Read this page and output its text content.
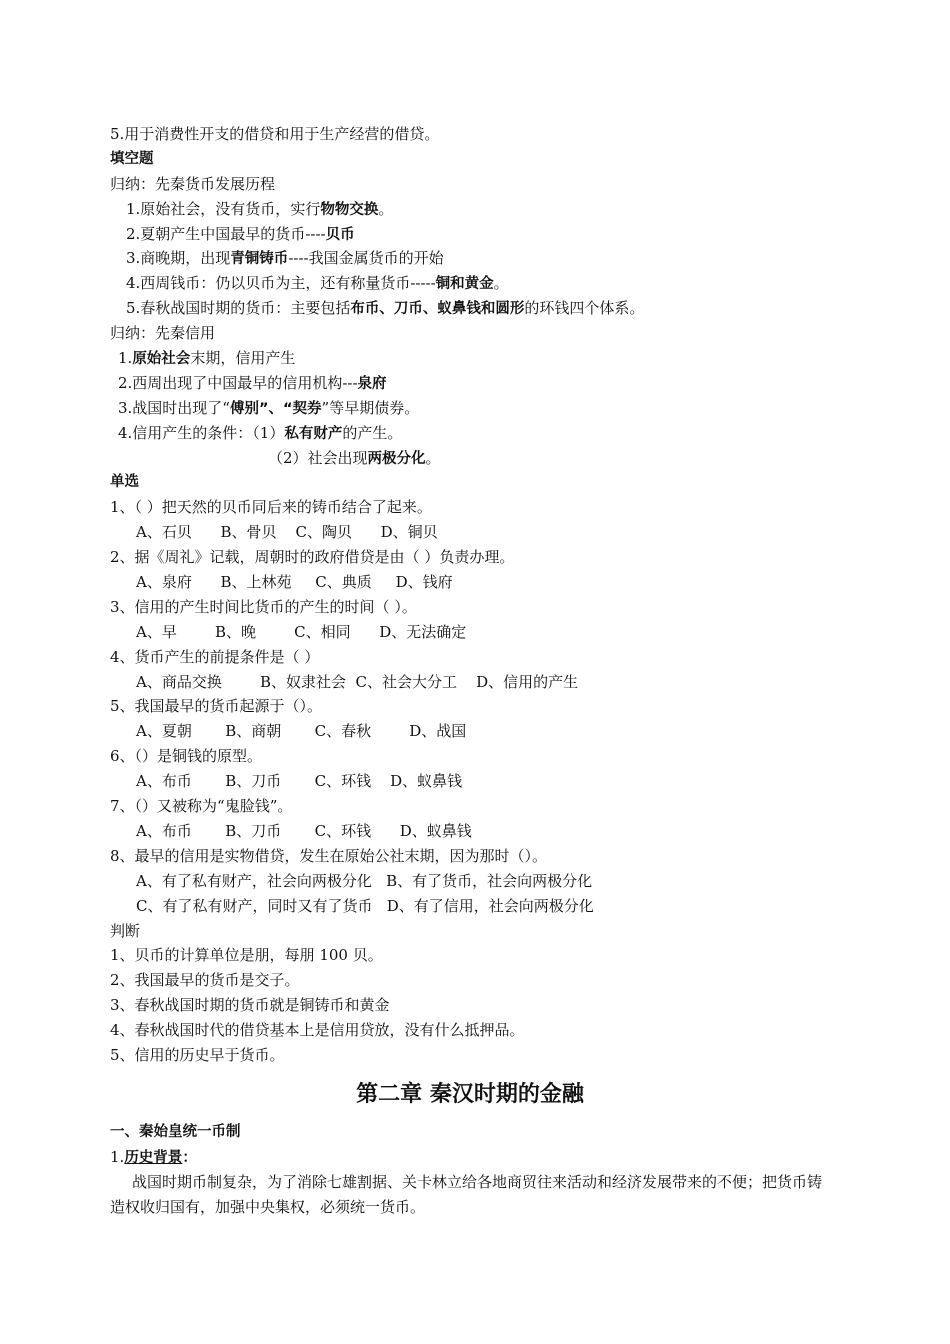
5.用于消费性开支的借贷和用于生产经营的借贷。
填空题
归纳：先秦货币发展历程
1.原始社会，没有货币，实行物物交换。
2.夏朝产生中国最早的货币----贝币
3.商晚期，出现青铜铸币----我国金属货币的开始
4.西周钱币：仍以贝币为主，还有称量货币-----铜和黄金。
5.春秋战国时期的货币：主要包括布币、刀币、蚁鼻钱和圆形的环钱四个体系。
归纳：先秦信用
1.原始社会末期，信用产生
2.西周出现了中国最早的信用机构---泉府
3.战国时出现了“傅别”、“契券”等早期债券。
4.信用产生的条件：（1）私有财产的产生。
（2）社会出现两极分化。
单选
1、（ ）把天然的贝币同后来的铸币结合了起来。
A、石贝      B、骨贝    C、陶贝      D、铜贝
2、据《周礼》记载，周朝时的政府借贷是由（ ）负责办理。
A、泉府      B、上林苑     C、典质     D、钱府
3、信用的产生时间比货币的产生的时间（ ）。
A、早        B、晚        C、相同      D、无法确定
4、货币产生的前提条件是（ ）
A、商品交换        B、奴隶社会  C、社会大分工    D、信用的产生
5、我国最早的货币起源于（）。
A、夏朝       B、商朝       C、春秋        D、战国
6、（）是铜钱的原型。
A、布币       B、刀币       C、环钱    D、蚁鼻钱
7、（）又被称为“鬼脸钱”。
A、布币       B、刀币       C、环钱      D、蚁鼻钱
8、最早的信用是实物借贷，发生在原始公社末期，因为那时（）。
A、有了私有财产，社会向两极分化   B、有了货币，社会向两极分化
C、有了私有财产，同时又有了货币   D、有了信用，社会向两极分化
判断
1、贝币的计算单位是朋，每朋 100 贝。
2、我国最早的货币是交子。
3、春秋战国时期的货币就是铜铸币和黄金
4、春秋战国时代的借贷基本上是信用贷放，没有什么抵押品。
5、信用的历史早于货币。
第二章 秦汉时期的金融
一、秦始皇统一币制
1.历史背景：
战国时期币制复杂，为了消除七雄割据、关卡林立给各地商贸往来活动和经济发展带来的不便；把货币铸造权收归国有，加强中央集权，必须统一货币。
